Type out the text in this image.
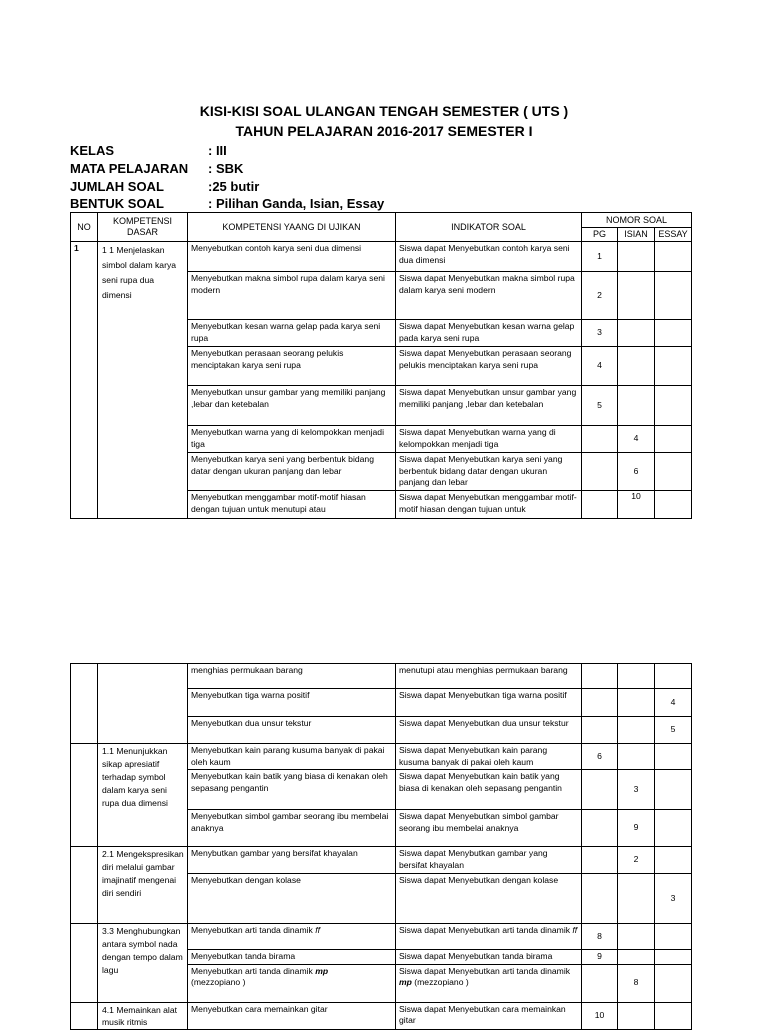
KISI-KISI SOAL ULANGAN TENGAH SEMESTER ( UTS )
TAHUN PELAJARAN 2016-2017 SEMESTER I
KELAS	: III
MATA PELAJARAN : SBK
JUMLAH SOAL	:25 butir
BENTUK SOAL	: Pilihan Ganda, Isian, Essay
NO	KOMPETENSI DASAR	KOMPETENSI YAANG DI UJIKAN	INDIKATOR SOAL	NOMOR SOAL		
				PG	ISIAN	ESSAY
1	1 1 Menjelaskan simbol dalam karya seni rupa dua dimensi	Menyebutkan contoh karya seni dua dimensi	Siswa dapat Menyebutkan contoh karya seni dua dimensi	1		
		Menyebutkan makna simbol rupa dalam karya seni modern	Siswa dapat Menyebutkan makna simbol rupa dalam karya seni modern	2		
		Menyebutkan kesan warna gelap pada karya seni rupa	Siswa dapat Menyebutkan kesan warna gelap pada karya seni rupa	3		
		Menyebutkan perasaan seorang pelukis menciptakan karya seni rupa	Siswa dapat Menyebutkan perasaan seorang pelukis menciptakan karya seni rupa	4		
		Menyebutkan unsur gambar yang memiliki panjang ,lebar dan ketebalan	Siswa dapat Menyebutkan unsur gambar yang memiliki panjang ,lebar dan ketebalan	5		
		Menyebutkan warna yang di kelompokkan menjadi tiga	Siswa dapat Menyebutkan warna yang di kelompokkan menjadi tiga		4	
		Menyebutkan karya seni yang berbentuk bidang datar dengan ukuran panjang dan lebar	Siswa dapat Menyebutkan karya seni yang berbentuk bidang datar dengan ukuran panjang dan lebar		6	
		Menyebutkan menggambar motif-motif hiasan dengan tujuan untuk menutupi atau	Siswa dapat Menyebutkan menggambar motif-motif hiasan dengan tujuan untuk		10	
		menghias permukaan barang	menutupi atau menghias permukaan barang			
		Menyebutkan tiga warna positif	Siswa dapat Menyebutkan tiga warna positif			4
		Menyebutkan dua unsur tekstur	Siswa dapat Menyebutkan dua unsur tekstur			5
	1.1 Menunjukkan sikap apresiatif terhadap symbol dalam karya seni rupa dua dimensi	Menyebutkan kain parang kusuma banyak di pakai oleh kaum	Siswa dapat Menyebutkan kain parang kusuma banyak di pakai oleh kaum	6		
		Menyebutkan kain batik yang biasa di kenakan oleh sepasang pengantin	Siswa dapat Menyebutkan kain batik yang biasa di kenakan oleh sepasang pengantin		3	
		Menyebutkan simbol gambar seorang ibu membelai anaknya	Siswa dapat Menyebutkan simbol gambar seorang ibu membelai anaknya		9	
	2.1 Mengekspresikan diri melalui gambar imajinatif mengenai diri sendiri	Menybutkan gambar yang bersifat khayalan	Siswa dapat Menybutkan gambar yang bersifat khayalan		2	
		Menyebutkan dengan kolase	Siswa dapat Menyebutkan dengan kolase			3
	3.3 Menghubungkan antara symbol nada dengan tempo dalam lagu	Menyebutkan arti tanda dinamik ff	Siswa dapat Menyebutkan arti tanda dinamik ff	8		
		Menyebutkan tanda birama	Siswa dapat Menyebutkan tanda birama	9		
		Menyebutkan arti tanda dinamik mp
(mezzopiano )	Siswa dapat Menyebutkan arti tanda dinamik mp (mezzopiano )		8	
	4.1 Memainkan alat musik ritmis	Menyebutkan cara memainkan gitar	Siswa dapat Menyebutkan cara memainkan gitar	10		
